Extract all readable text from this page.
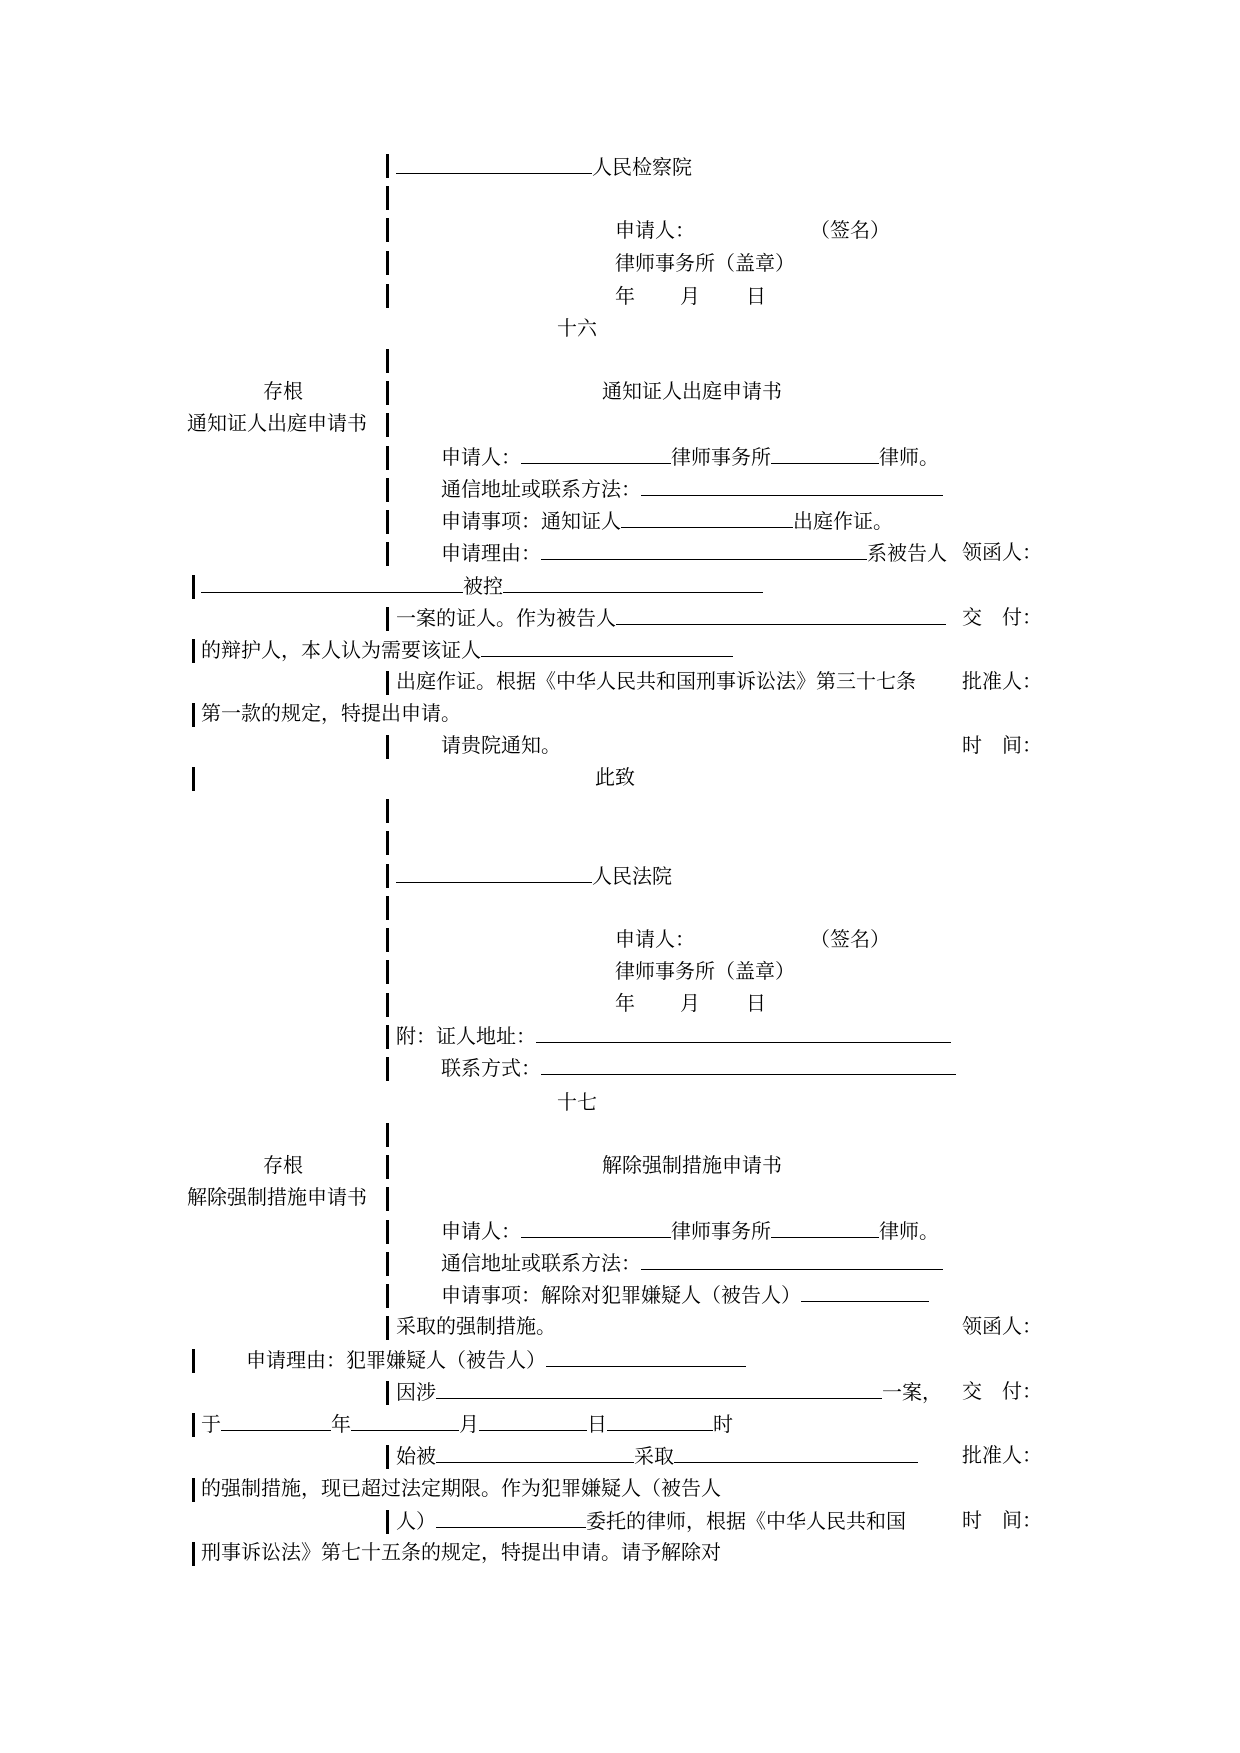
人民检察院
申请人：	（签名）
律师事务所（盖章）
年 月 日
十六
存根
通知证人出庭申请书
通知证人出庭申请书
申请人：	律师事务所	律师。
通信地址或联系方法：
申请事项：通知证人	出庭作证。
申请理由：	系被告人 领函人：
被控
一案的证人。作为被告人	交　付：
的辩护人，本人认为需要该证人
出庭作证。根据《中华人民共和国刑事诉讼法》第三十七条 批准人：
第一款的规定，特提出申请。
请贵院通知。	时　间：
此致
人民法院
申请人：	（签名）
律师事务所（盖章）
年 月 日
附：证人地址：
联系方式：
十七
存根
解除强制措施申请书
解除强制措施申请书
申请人：	律师事务所	律师。
通信地址或联系方法：
申请事项：解除对犯罪嫌疑人（被告人）
采取的强制措施。	领函人：
申请理由：犯罪嫌疑人（被告人）
因涉	一案， 交　付：
于	年	月	日	时
始被	采取	批准人：
的强制措施，现已超过法定期限。作为犯罪嫌疑人（被告人
人）	委托的律师，根据《中华人民共和国	时　间：
刑事诉讼法》第七十五条的规定，特提出申请。请予解除对
